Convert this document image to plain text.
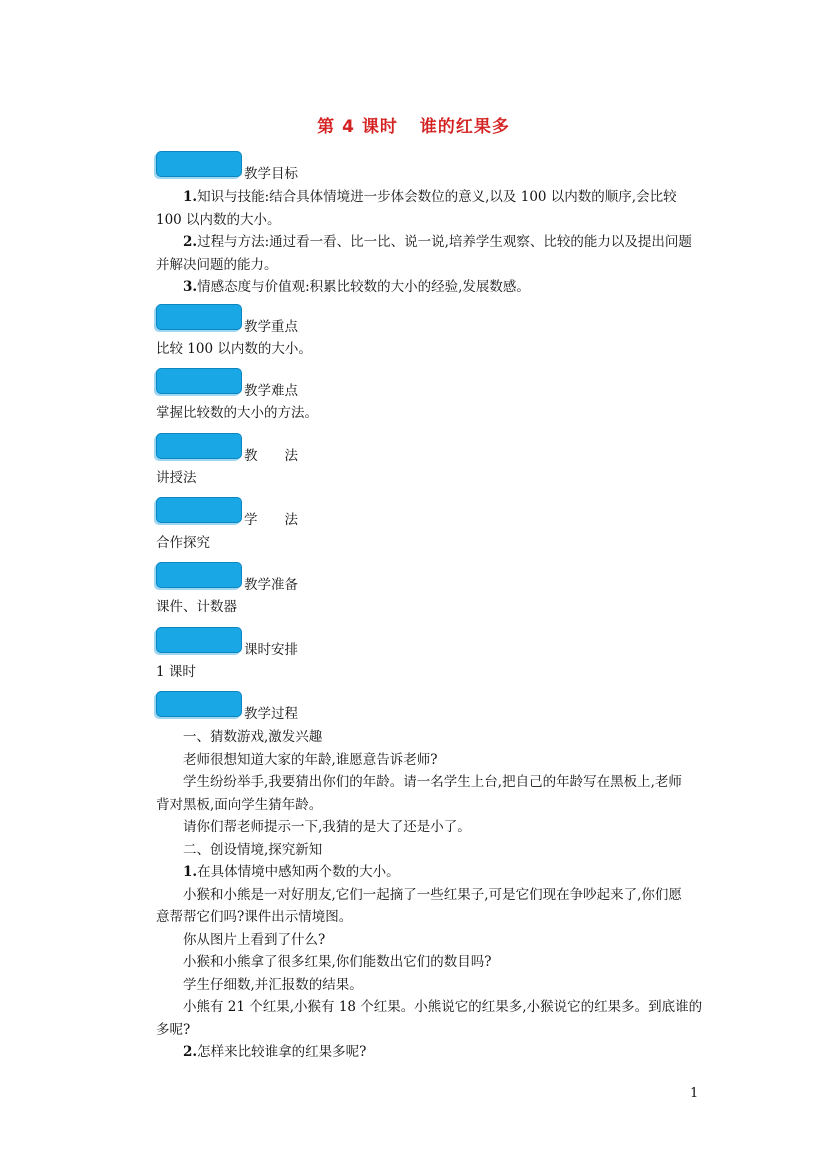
第 4 课时 谁的红果多
教学目标

1.知识与技能:结合具体情境进一步体会数位的意义,以及 100 以内数的顺序,会比较

100 以内数的大小。

2.过程与方法:通过看一看、比一比、说一说,培养学生观察、比较的能力以及提出问题

并解决问题的能力。

3.情感态度与价值观:积累比较数的大小的经验,发展数感。

教学重点

比较 100 以内数的大小。

教学难点

掌握比较数的大小的方法。

教　　法

讲授法

学　　法

合作探究

教学准备

课件、计数器

课时安排

1 课时

教学过程

一、猜数游戏,激发兴趣

老师很想知道大家的年龄,谁愿意告诉老师?

学生纷纷举手,我要猜出你们的年龄。请一名学生上台,把自己的年龄写在黑板上,老师

背对黑板,面向学生猜年龄。

请你们帮老师提示一下,我猜的是大了还是小了。

二、创设情境,探究新知

1.在具体情境中感知两个数的大小。

小猴和小熊是一对好朋友,它们一起摘了一些红果子,可是它们现在争吵起来了,你们愿

意帮帮它们吗?课件出示情境图。

你从图片上看到了什么?

小猴和小熊拿了很多红果,你们能数出它们的数目吗?

学生仔细数,并汇报数的结果。

小熊有 21 个红果,小猴有 18 个红果。小熊说它的红果多,小猴说它的红果多。到底谁的

多呢?

2.怎样来比较谁拿的红果多呢?

1
